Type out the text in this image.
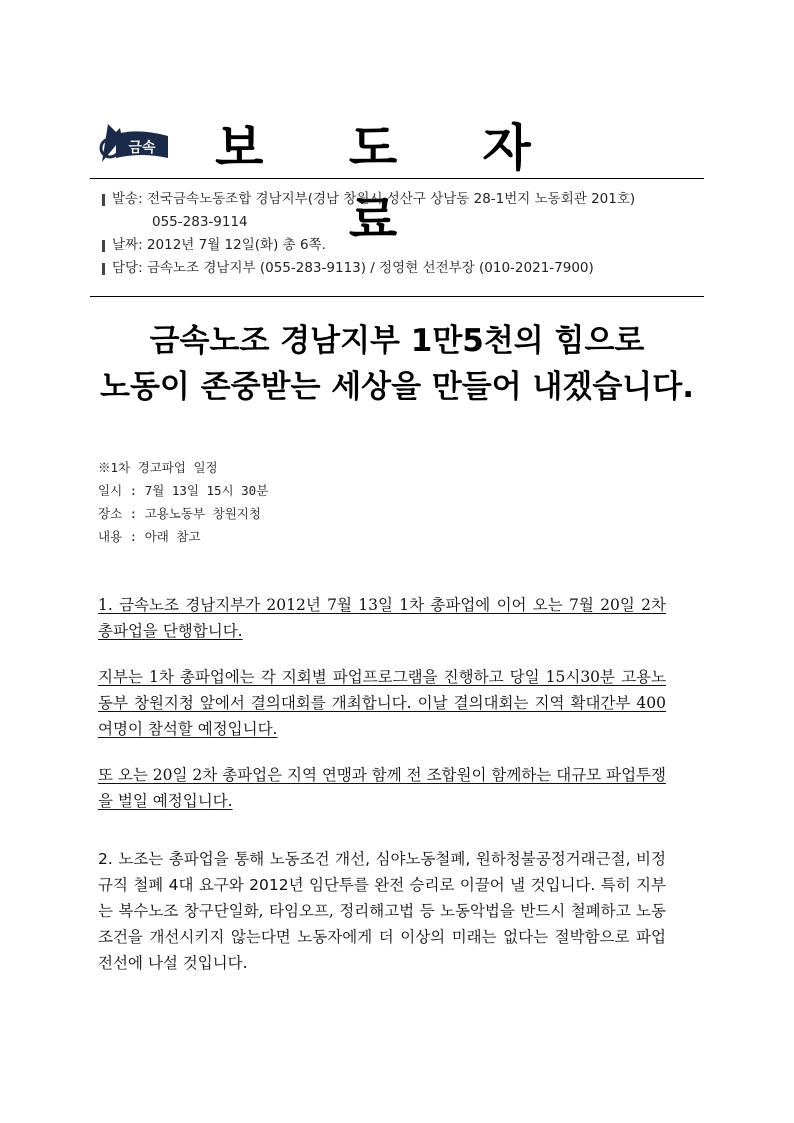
금속	보 도 자 료
발송: 전국금속노동조합 경남지부(경남 창원시 성산구 상남동 28-1번지 노동회관 201호)
055-283-9114
날짜: 2012년 7월 12일(화) 총 6쪽.
담당: 금속노조 경남지부 (055-283-9113) / 정영현 선전부장 (010-2021-7900)
금속노조 경남지부 1만5천의 힘으로
노동이 존중받는 세상을 만들어 내겠습니다.
※1차 경고파업 일정
일시 : 7월 13일 15시 30분
장소 : 고용노동부 창원지청
내용 : 아래 참고
1. 금속노조 경남지부가 2012년 7월 13일 1차 총파업에 이어 오는 7월 20일 2차 총파업을 단행합니다.
지부는 1차 총파업에는 각 지회별 파업프로그램을 진행하고 당일 15시30분 고용노동부 창원지청 앞에서 결의대회를 개최합니다. 이날 결의대회는 지역 확대간부 400여명이 참석할 예정입니다.
또 오는 20일 2차 총파업은 지역 연맹과 함께 전 조합원이 함께하는 대규모 파업투쟁을 벌일 예정입니다.
2. 노조는 총파업을 통해 노동조건 개선, 심야노동철폐, 원하청불공정거래근절, 비정규직 철폐 4대 요구와 2012년 임단투를 완전 승리로 이끌어 낼 것입니다. 특히 지부는 복수노조 창구단일화, 타임오프, 정리해고법 등 노동악법을 반드시 철폐하고 노동조건을 개선시키지 않는다면 노동자에게 더 이상의 미래는 없다는 절박함으로 파업 전선에 나설 것입니다.
